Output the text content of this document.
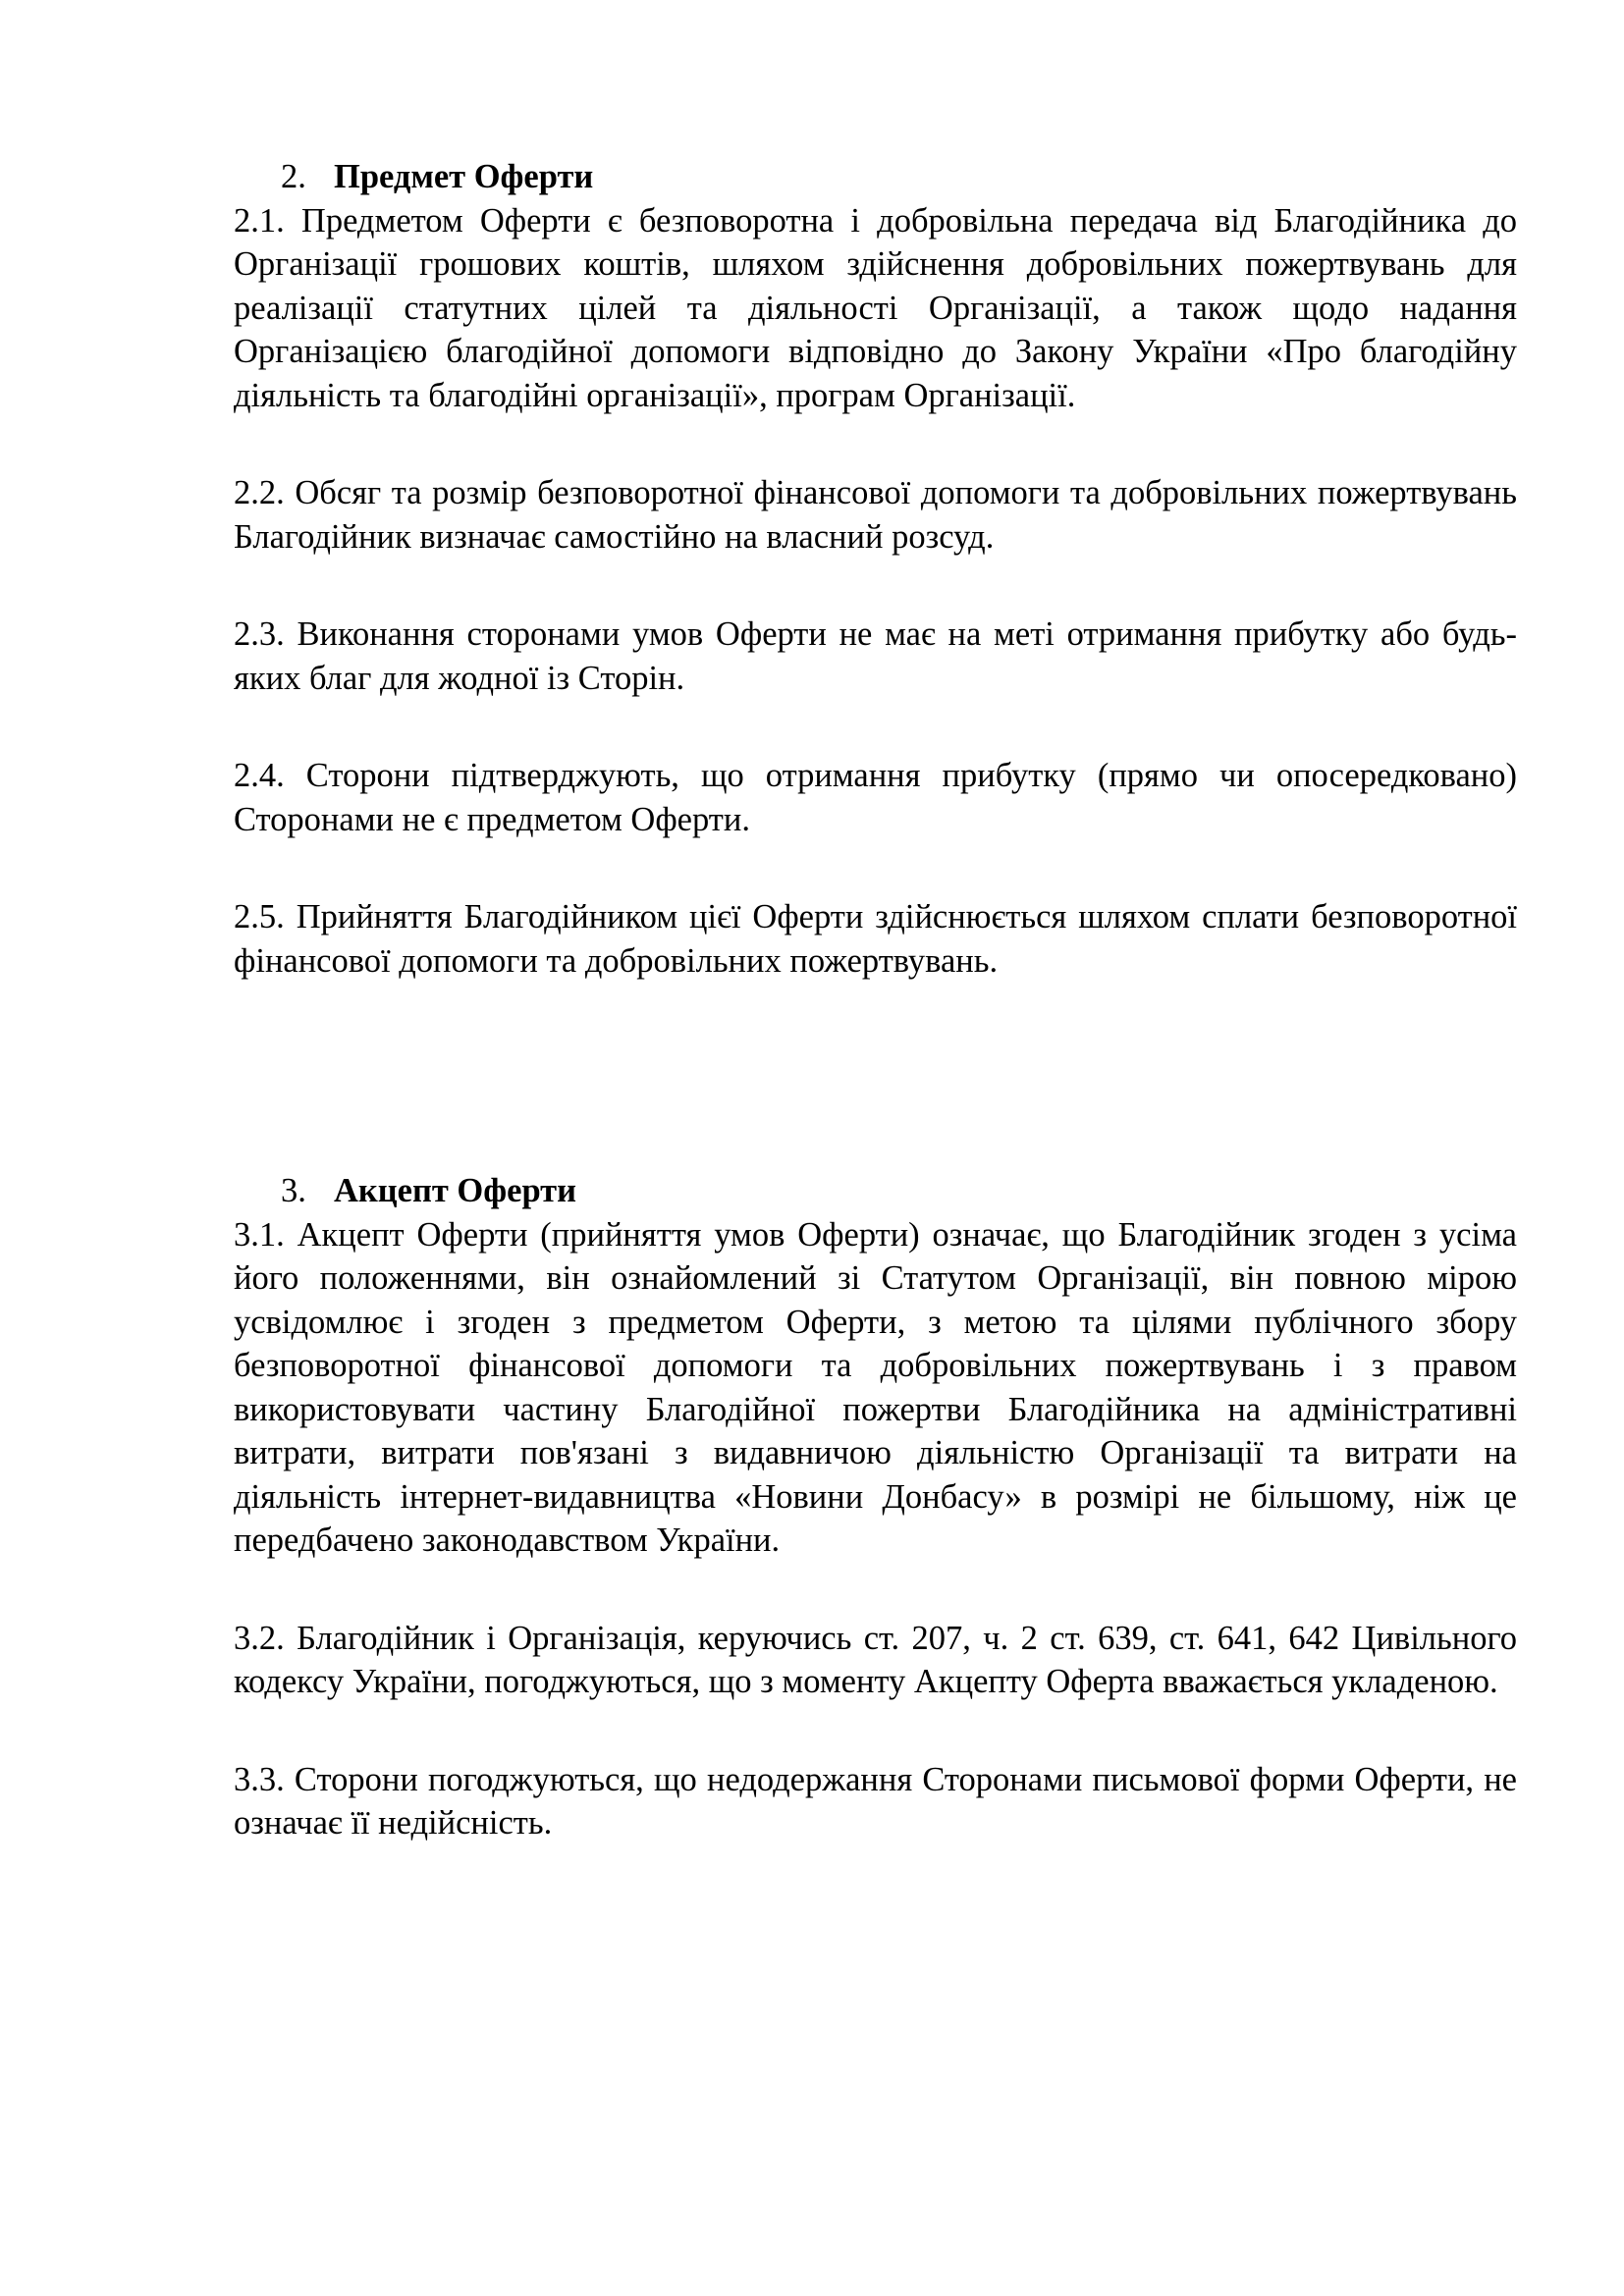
2. Предмет Оферти

2.1. Предметом Оферти є безповоротна і добровільна передача від Благодійника до Організації грошових коштів, шляхом здійснення добровільних пожертвувань для реалізації статутних цілей та діяльності Організації, а також щодо надання Організацією благодійної допомоги відповідно до Закону України «Про благодійну діяльність та благодійні організації», програм Організації.

2.2. Обсяг та розмір безповоротної фінансової допомоги та добровільних пожертвувань Благодійник визначає самостійно на власний розсуд.

2.3. Виконання сторонами умов Оферти не має на меті отримання прибутку або будь-яких благ для жодної із Сторін.

2.4. Сторони підтверджують, що отримання прибутку (прямо чи опосередковано) Сторонами не є предметом Оферти.

2.5. Прийняття Благодійником цієї Оферти здійснюється шляхом сплати безповоротної фінансової допомоги та добровільних пожертвувань.

3. Акцепт Оферти

3.1. Акцепт Оферти (прийняття умов Оферти) означає, що Благодійник згоден з усіма його положеннями, він ознайомлений зі Статутом Організації, він повною мірою усвідомлює і згоден з предметом Оферти, з метою та цілями публічного збору безповоротної фінансової допомоги та добровільних пожертвувань і з правом використовувати частину Благодійної пожертви Благодійника на адміністративні витрати, витрати пов'язані з видавничою діяльністю Організації та витрати на діяльність інтернет-видавництва «Новини Донбасу» в розмірі не більшому, ніж це передбачено законодавством України.

3.2. Благодійник і Організація, керуючись ст. 207, ч. 2 ст. 639, ст. 641, 642 Цивільного кодексу України, погоджуються, що з моменту Акцепту Оферта вважається укладеною.

3.3. Сторони погоджуються, що недодержання Сторонами письмової форми Оферти, не означає її недійсність.
